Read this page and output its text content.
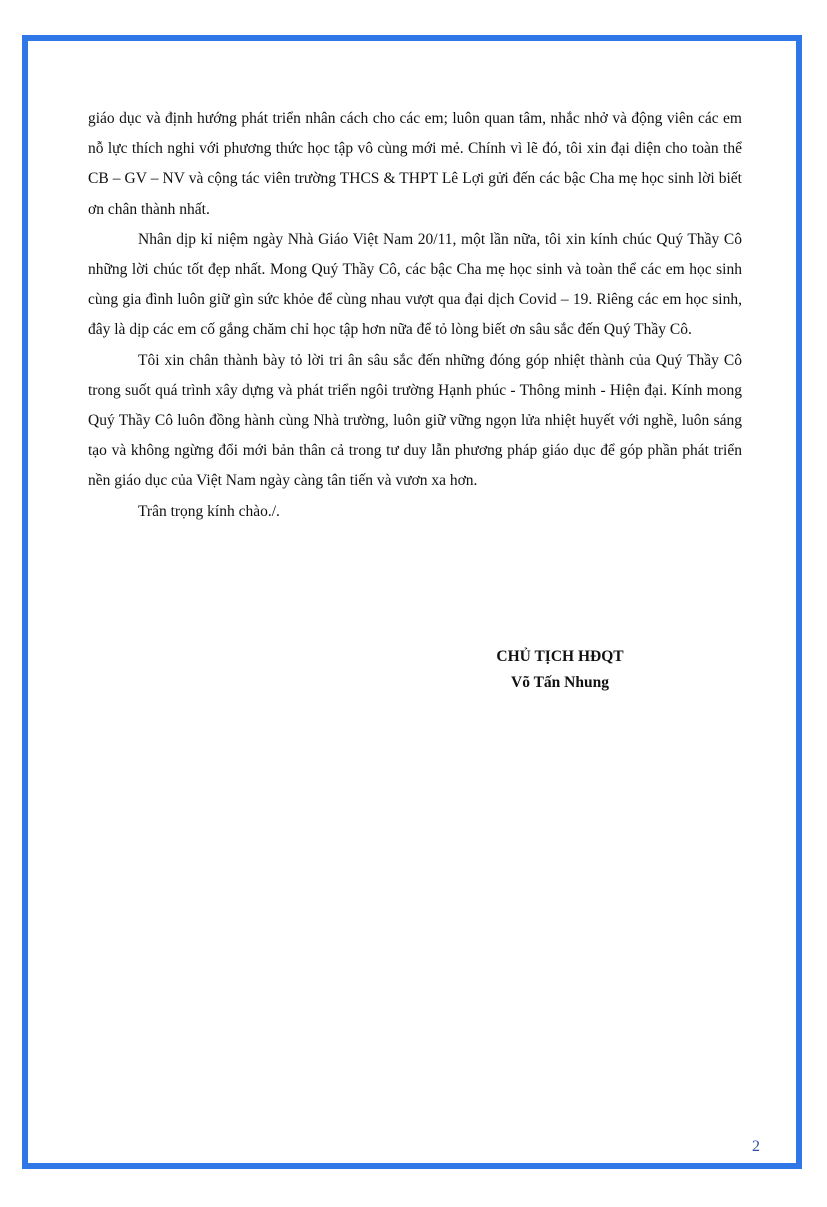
giáo dục và định hướng phát triển nhân cách cho các em; luôn quan tâm, nhắc nhở và động viên các em nỗ lực thích nghi với phương thức học tập vô cùng mới mẻ. Chính vì lẽ đó, tôi xin đại diện cho toàn thể CB – GV – NV và cộng tác viên trường THCS & THPT Lê Lợi gửi đến các bậc Cha mẹ học sinh lời biết ơn chân thành nhất.

Nhân dịp kỉ niệm ngày Nhà Giáo Việt Nam 20/11, một lần nữa, tôi xin kính chúc Quý Thầy Cô những lời chúc tốt đẹp nhất. Mong Quý Thầy Cô, các bậc Cha mẹ học sinh và toàn thể các em học sinh cùng gia đình luôn giữ gìn sức khỏe để cùng nhau vượt qua đại dịch Covid – 19. Riêng các em học sinh, đây là dịp các em cố gắng chăm chỉ học tập hơn nữa để tỏ lòng biết ơn sâu sắc đến Quý Thầy Cô.

Tôi xin chân thành bày tỏ lời tri ân sâu sắc đến những đóng góp nhiệt thành của Quý Thầy Cô trong suốt quá trình xây dựng và phát triển ngôi trường Hạnh phúc - Thông minh - Hiện đại. Kính mong Quý Thầy Cô luôn đồng hành cùng Nhà trường, luôn giữ vững ngọn lửa nhiệt huyết với nghề, luôn sáng tạo và không ngừng đổi mới bản thân cả trong tư duy lẫn phương pháp giáo dục để góp phần phát triển nền giáo dục của Việt Nam ngày càng tân tiến và vươn xa hơn.

Trân trọng kính chào./.

CHỦ TỊCH HĐQT
Võ Tấn Nhung
2
